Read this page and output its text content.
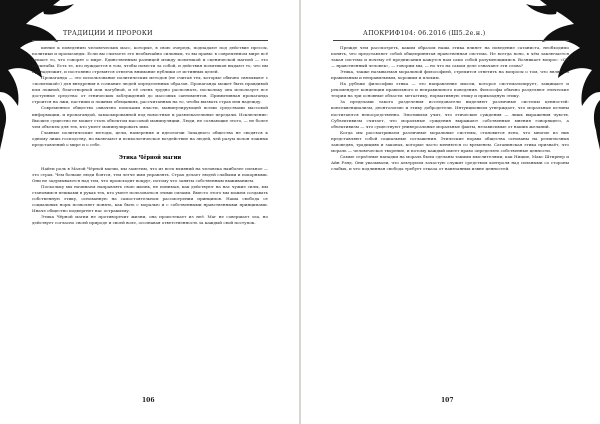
ТРАДИЦИИ И ПРОРОКИ

шение к поведению человеческих масс, которые, в свою очередь, подпадают под действие прессы, политики и пропаганды. Если вы считаете это необычайно сильным, то вы правы: в современном мире всё решает то, что говорят о мире. Единственным разницей между политикой и сценической магией — это масштабы. Есть те, кто нуждается в том, чтобы повести за собой, и действия политиков выдают то, что им принадлежит, и постоянно стремятся отвлечь внимание публики от истинных целей.

Пропаганда — это использование политических методов (не считая тех, которые обычно связывают с «политикой») для внедрения в сознание людей определенных образов. Пропаганда может быть правдивой или ложной, благотворной или пагубной, и её очень трудно распознать, поскольку она использует все доступные средства: от этнических заблуждений до массовых сантиментов. Примитивная пропаганда строится на лжи, пастиши и ложных обещаниях, рассчитанных на то, чтобы вызвать страх или надежду.

Современное общество охвачено поисками власти, манипулирующей всеми средствами массовой информации, и пропагандой, замаскированной под новостные и развлекательные передачи. Исключение: Высшее существо не может стать объектом массовой манипуляции. Люди, не сознающие этого, — не более чем объекты для тех, кто умеет манипулировать ими.

Главные политические методы, цели, намерения и идеологии Западного общества не сводятся к одному лишь господству, но включают и психологическое воздействие на людей, чей разум полон ложных представлений о мире и о себе.

Этика Чёрной магии

Найти роль в Малой Чёрной магии, мы заметим, что из всех влияний на человека наиболее сильное — это страх. Чем больше люди боятся, тем легче ими управлять. Страх делает людей слабыми и покорными. Они не задумываются над тем, что происходит вокруг, потому что заняты собственным выживанием.

Поскольку мы начинаем направлять свою жизнь, не понимая, как действуют на нас чужие силы, мы становимся пешками в руках тех, кто умеет пользоваться этими силами. Вместо этого мы можем создавать собственную этику, основанную на самостоятельном рассмотрении принципов. Наша свобода от социальных норм позволяет понять, как быть с моралью и с собственными нравственными принципами. Иначе общество подвергнет нас остракизму.

Этика Чёрной магии не противоречит жизни, она проистекает из неё. Маг не совершает зла, но действует согласно своей природе и своей воле, осознавая ответственность за каждый свой поступок.

106
АПОКРИФ104: 06.2016 (Ш5.2е.н.)

Прежде чем рассмотреть, каким образом наша этика влияет на поведение сатаниста, необходимо понять, что представляет собой общепринятая нравственная система. Не всегда ясно, в чём заключается такая система и почему её предписания кажутся нам само собой разумеющимися. Возникает вопрос: «Он — нравственный человек», — говорим мы, — но что на самом деле означают эти слова?

Этика, также называемая моральной философией, стремится ответить на вопросы о том, что является правильным и неправильным, хорошим и плохим.

На рубеже философии этика — это направление мысли, которое систематизирует, защищает и рекомендует концепции правильного и неправильного поведения. Философы обычно разделяют этические теории на три основные области: метаэтику, нормативную этику и прикладную этику.

За пределами такого разделения исследователи выделяют различные системы ценностей: консеквенциализм, деонтологию и этику добродетели. Интуиционизм утверждает, что моральные истины постигаются непосредственно. Эмотивизм учит, что этические суждения — лишь выражения чувств. Субъективизм считает, что моральные суждения выражают собственные мнения говорящего, а объективизм — что существуют универсальные моральные факты, независимые от наших желаний.

Когда мы рассматриваем различные моральные системы, становится ясно, что многие из них представляют собой социальные соглашения. Этические нормы общества основаны на религиозных заповедях, традициях и законах, которые часто меняются со временем. Сатанинская этика признаёт, что мораль — человеческое творение, и потому каждый имеет право определять собственные ценности.

Самые серьёзные нападки на мораль были сделаны такими мыслителями, как Ницше, Макс Штирнер и Айн Рэнд. Они указывали, что альтруизм зачастую служит средством контроля над сильными со стороны слабых, и что подлинная свобода требует отказа от навязанных извне ценностей.

107
